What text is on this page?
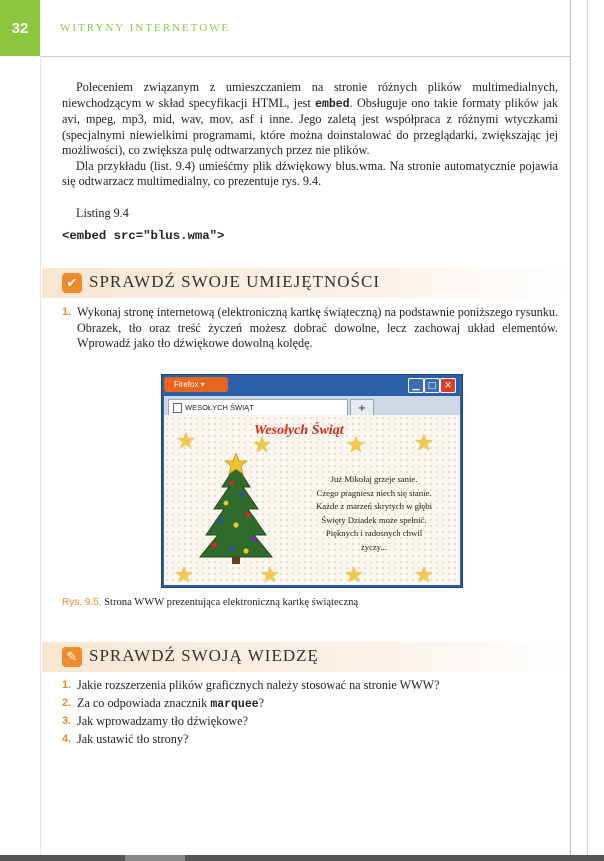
32	WITRYNY INTERNETOWE

Poleceniem związanym z umieszczaniem na stronie różnych plików multimedialnych, niewchodzącym w skład specyfikacji HTML, jest embed. Obsługuje ono takie formaty plików jak avi, mpeg, mp3, mid, wav, mov, asf i inne. Jego zaletą jest współpraca z różnymi wtyczkami (specjalnymi niewielkimi programami, które można doinstalować do przeglądarki, zwiększając jej możliwości), co zwiększa pulę odtwarzanych przez nie plików.

Dla przykładu (list. 9.4) umieśćmy plik dźwiękowy blus.wma. Na stronie automatycznie pojawia się odtwarzacz multimedialny, co prezentuje rys. 9.4.

Listing 9.4
<embed src="blus.wma">
✔ SPRAWDŹ SWOJE UMIEJĘTNOŚCI
1. Wykonaj stronę internetową (elektroniczną kartkę świąteczną) na podstawnie poniższego rysunku. Obrazek, tło oraz treść życzeń możesz dobrać dowolne, lecz zachowaj układ elementów. Wprowadź jako tło dźwiękowe dowolną kolędę.
Firefox ▾	▁ □ ✕
WESOŁYCH ŚWIĄT	+
★	★	★ ★
★	★	★ ★
Wesołych Świąt
Już Mikołaj grzeje sanie.
Czego pragniesz niech się stanie.
Każde z marzeń skrytych w głębi
Święty Dziadek może spełnić.
Pięknych i radosnych chwil
życzy...
Rys. 9.5. Strona WWW prezentująca elektroniczną kartkę świąteczną
✎ SPRAWDŹ SWOJĄ WIEDZĘ
1. Jakie rozszerzenia plików graficznych należy stosować na stronie WWW?
2. Za co odpowiada znacznik marquee?
3. Jak wprowadzamy tło dźwiękowe?
4. Jak ustawić tło strony?
